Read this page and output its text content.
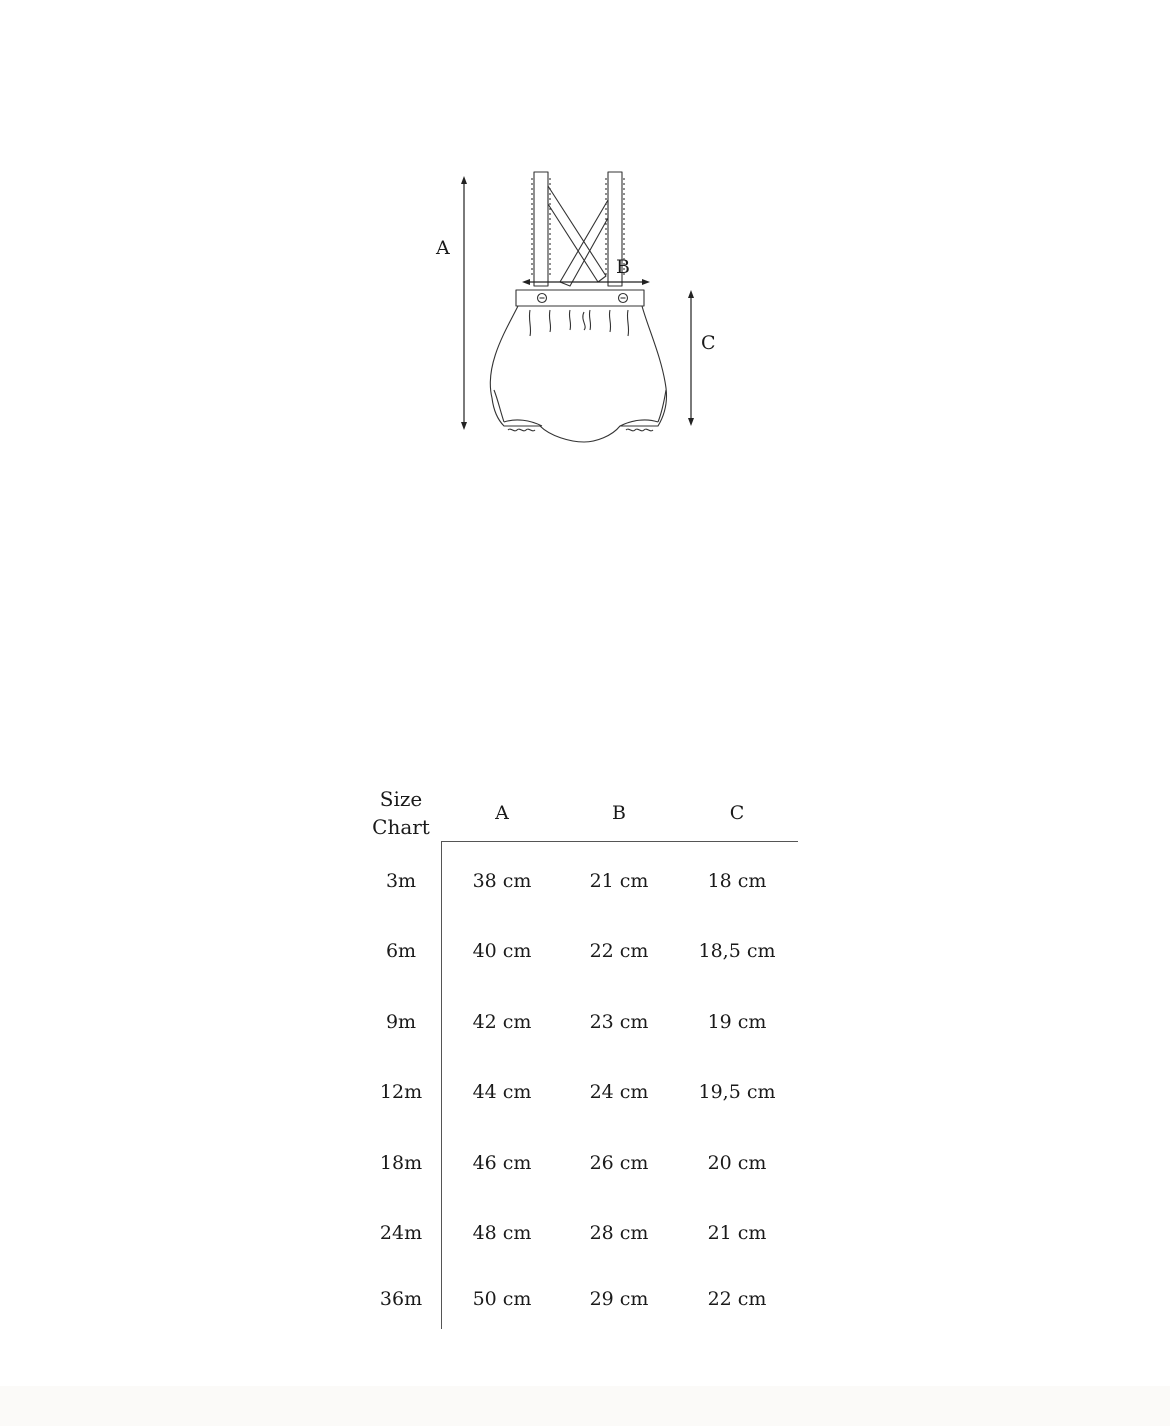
A
B
C
Size
Chart
A	B	C
3m	38 cm	21 cm	18 cm
6m	40 cm	22 cm	18,5 cm
9m	42 cm	23 cm	19 cm
12m	44 cm	24 cm	19,5 cm
18m	46 cm	26 cm	20 cm
24m	48 cm	28 cm	21 cm
36m	50 cm	29 cm	22 cm
